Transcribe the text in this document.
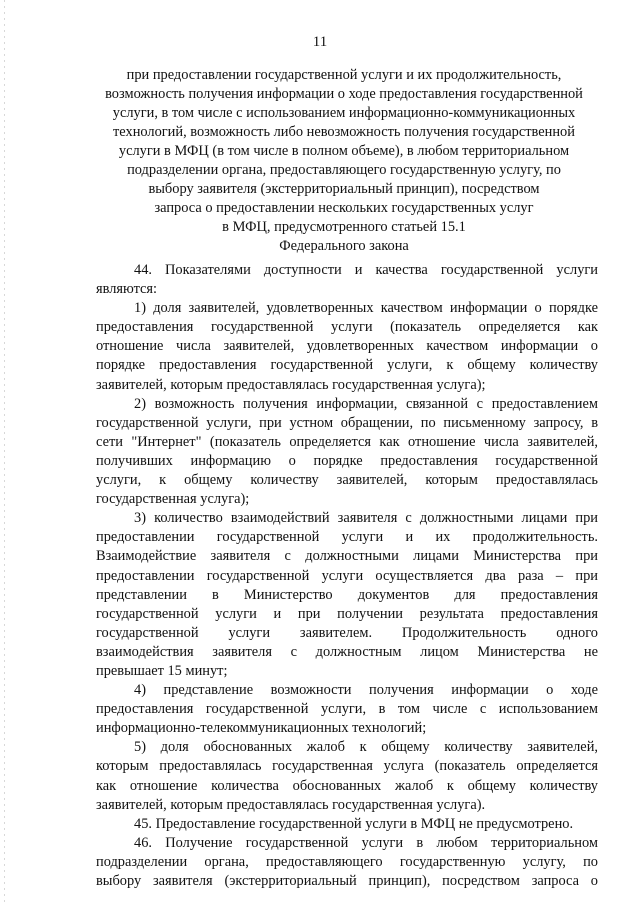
11
при предоставлении государственной услуги и их продолжительность,
возможность получения информации о ходе предоставления государственной
услуги, в том числе с использованием информационно-коммуникационных
технологий, возможность либо невозможность получения государственной
услуги в МФЦ (в том числе в полном объеме), в любом территориальном
подразделении органа, предоставляющего государственную услугу, по
выбору заявителя (экстерриториальный принцип), посредством
запроса о предоставлении нескольких государственных услуг
в МФЦ, предусмотренного статьей 15.1
Федерального закона

44. Показателями доступности и качества государственной услуги
являются:

1) доля заявителей, удовлетворенных качеством информации о порядке
предоставления государственной услуги (показатель определяется как
отношение числа заявителей, удовлетворенных качеством информации о
порядке предоставления государственной услуги, к общему количеству
заявителей, которым предоставлялась государственная услуга);

2) возможность получения информации, связанной с предоставлением
государственной услуги, при устном обращении, по письменному запросу, в
сети "Интернет" (показатель определяется как отношение числа заявителей,
получивших информацию о порядке предоставления государственной
услуги, к общему количеству заявителей, которым предоставлялась
государственная услуга);

3) количество взаимодействий заявителя с должностными лицами при
предоставлении государственной услуги и их продолжительность.
Взаимодействие заявителя с должностными лицами Министерства при
предоставлении государственной услуги осуществляется два раза – при
представлении в Министерство документов для предоставления
государственной услуги и при получении результата предоставления
государственной услуги заявителем. Продолжительность одного
взаимодействия заявителя с должностным лицом Министерства не
превышает 15 минут;

4) представление возможности получения информации о ходе
предоставления государственной услуги, в том числе с использованием
информационно-телекоммуникационных технологий;

5) доля обоснованных жалоб к общему количеству заявителей,
которым предоставлялась государственная услуга (показатель определяется
как отношение количества обоснованных жалоб к общему количеству
заявителей, которым предоставлялась государственная услуга).

45. Предоставление государственной услуги в МФЦ не предусмотрено.

46. Получение государственной услуги в любом территориальном
подразделении органа, предоставляющего государственную услугу, по
выбору заявителя (экстерриториальный принцип), посредством запроса о
